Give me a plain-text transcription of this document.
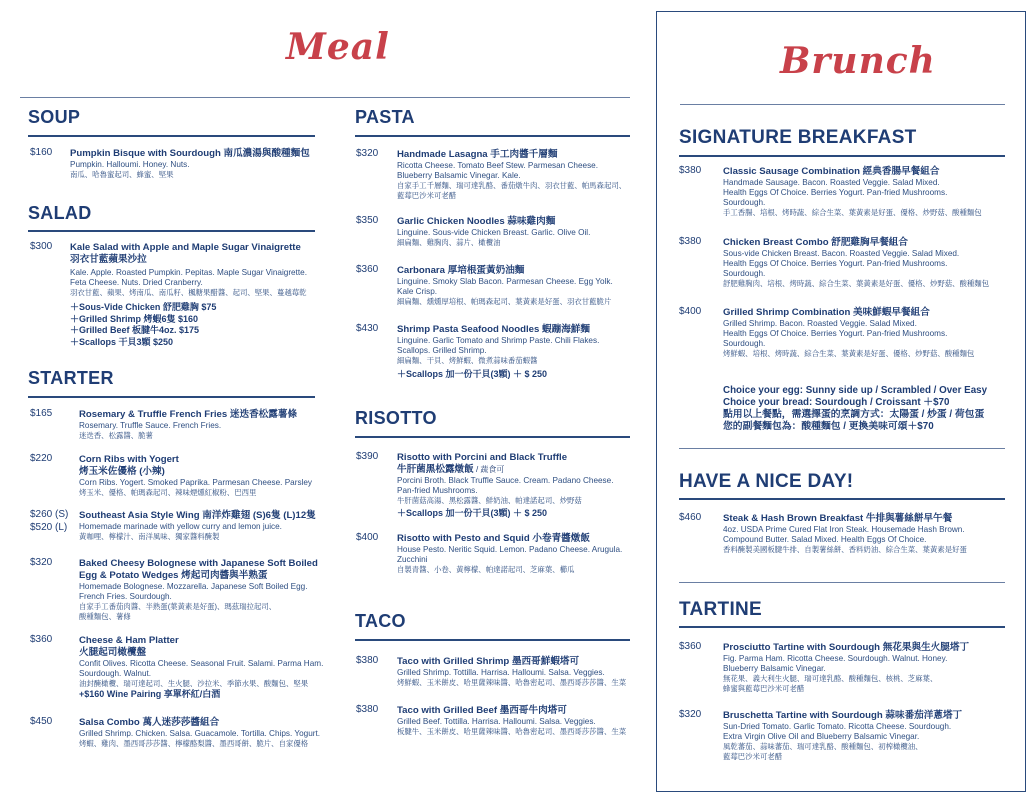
Meal	Brunch
SOUP
$160 Pumpkin Bisque with Sourdough 南瓜濃湯與酸種麵包
Pumpkin. Halloumi. Honey. Nuts.
南瓜、哈魯蜜起司、蜂蜜、堅果
SALAD
$300 Kale Salad with Apple and Maple Sugar Vinaigrette
羽衣甘藍蘋果沙拉
Kale. Apple. Roasted Pumpkin. Pepitas. Maple Sugar Vinaigrette.
Feta Cheese. Nuts. Dried Cranberry.
羽衣甘藍、蘋果、烤南瓜、南瓜籽、楓糖果醋醬、起司、堅果、蔓越莓乾
＋Sous-Vide Chicken 舒肥雞胸 $75
＋Grilled Shrimp 烤蝦6隻 $160
＋Grilled Beef 板腱牛4oz. $175
＋Scallops 干貝3顆 $250
STARTER
$165	Rosemary & Truffle French Fries 迷迭香松露薯條
Rosemary. Truffle Sauce. French Fries.
迷迭香、松露醬、脆薯
$220	Corn Ribs with Yogert
烤玉米佐優格 (小辣)
Corn Ribs. Yogert. Smoked Paprika. Parmesan Cheese. Parsley
烤玉米、優格、帕瑪森起司、辣味煙燻紅椒粉、巴西里
$260 (S)
$520 (L)
Southeast Asia Style Wing 南洋炸雞翅 (S)6隻 (L)12隻
Homemade marinade with yellow curry and lemon juice.
黃咖哩、檸檬汁、南洋風味、獨家醬料醃製
$320	Baked Cheesy Bolognese with Japanese Soft Boiled
Egg & Potato Wedges 烤起司肉醬與半熟蛋
Homemade Bolognese. Mozzarella. Japanese Soft Boiled Egg.
French Fries. Sourdough.
自家手工番茄肉醬、半熟蛋(葉黃素是好蛋)、瑪茲瑞拉起司、
酸種麵包、薯條
$360	Cheese & Ham Platter
火腿起司橄欖盤
Confit Olives. Ricotta Cheese. Seasonal Fruit. Salami. Parma Ham.
Sourdough. Walnut.
油封醃橄欖、瑞可達起司、生火腿、沙拉米、季節水果、酸麵包、堅果
+$160 Wine Pairing 享單杯紅/白酒
$450	Salsa Combo 萬人迷莎莎醬組合
Grilled Shrimp. Chicken. Salsa. Guacamole. Tortilla. Chips. Yogurt.
烤蝦、雞肉、墨西哥莎莎醬、檸檬酪梨醬、墨西哥餅、脆片、自家優格
PASTA
$320 Handmade Lasagna 手工肉醬千層麵
Ricotta Cheese. Tomato Beef Stew. Parmesan Cheese.
Blueberry Balsamic Vinegar. Kale.
自家手工千層麵、瑞可達乳酪、番茄燉牛肉、羽衣甘藍、帕馬森起司、
藍莓巴沙米可老醋
$350 Garlic Chicken Noodles 蒜味雞肉麵
Linguine. Sous-vide Chicken Breast. Garlic. Olive Oil.
細扁麵、雞胸肉、蒜片、橄欖油
$360 Carbonara 厚培根蛋黃奶油麵
Linguine. Smoky Slab Bacon. Parmesan Cheese. Egg Yolk.
Kale Crisp.
細扁麵、燻燻厚培根、帕瑪森起司、葉黃素是好蛋、羽衣甘藍脆片
$430 Shrimp Pasta Seafood Noodles 蝦蹦海鮮麵
Linguine. Garlic Tomato and Shrimp Paste. Chili Flakes.
Scallops. Grilled Shrimp.
細扁麵、干貝、烤鮮蝦、微煮蒜味番茄蝦醬
＋Scallops 加一份干貝(3顆) ＋ $ 250
RISOTTO
$390 Risotto with Porcini and Black Truffle
牛肝菌黑松露燉飯 / 蔬食可
Porcini Broth. Black Truffle Sauce. Cream. Padano Cheese.
Pan-fried Mushrooms.
牛肝菌菇高湯、黑松露醬、鮮奶油、帕達諾起司、炒野菇
＋Scallops 加一份干貝(3顆) ＋ $ 250
$400 Risotto with Pesto and Squid 小卷青醬燉飯
House Pesto. Neritic Squid. Lemon. Padano Cheese. Arugula.
Zucchini
自製青醬、小卷、黃檸檬、帕達諾起司、芝麻葉、櫛瓜
TACO
$380 Taco with Grilled Shrimp 墨西哥鮮蝦塔可
Grilled Shrimp. Tottilla. Harrisa. Halloumi. Salsa. Veggies.
烤鮮蝦、玉米餅皮、哈里薩辣味醬、哈魯密起司、墨西哥莎莎醬、生菜
$380 Taco with Grilled Beef 墨西哥牛肉塔可
Grilled Beef. Tottilla. Harrisa. Halloumi. Salsa. Veggies.
板腱牛、玉米餅皮、哈里薩辣味醬、哈魯密起司、墨西哥莎莎醬、生菜
SIGNATURE BREAKFAST
$380 Classic Sausage Combination 經典香腸早餐組合
Handmade Sausage. Bacon. Roasted Veggie. Salad Mixed.
Health Eggs Of Choice. Berries Yogurt. Pan-fried Mushrooms.
Sourdough.
手工香腸、培根、烤時蔬、綜合生菜、葉黃素是好蛋、優格、炒野菇、酸種麵包
$380 Chicken Breast Combo 舒肥雞胸早餐組合
Sous-vide Chicken Breast. Bacon. Roasted Veggie. Salad Mixed.
Health Eggs Of Choice. Berries Yogurt. Pan-fried Mushrooms.
Sourdough.
舒肥雞胸肉、培根、烤時蔬、綜合生菜、葉黃素是好蛋、優格、炒野菇、酸種麵包
$400 Grilled Shrimp Combination 美味鮮蝦早餐組合
Grilled Shrimp. Bacon. Roasted Veggie. Salad Mixed.
Health Eggs Of Choice. Berries Yogurt. Pan-fried Mushrooms.
Sourdough.
烤鮮蝦、培根、烤時蔬、綜合生菜、葉黃素是好蛋、優格、炒野菇、酸種麵包
Choice your egg: Sunny side up / Scrambled / Over Easy
Choice your bread: Sourdough / Croissant ＋$70
點用以上餐點，需選擇蛋的烹調方式：太陽蛋 / 炒蛋 / 荷包蛋
您的副餐麵包為：酸種麵包 / 更換美味可頌＋$70
HAVE A NICE DAY!
$460 Steak & Hash Brown Breakfast 牛排與薯絲餅早午餐
4oz. USDA Prime Cured Flat Iron Steak. Housemade Hash Brown.
Compound Butter. Salad Mixed. Health Eggs Of Choice.
香料醃製美國板腱牛排、自製薯絲餅、香料奶油、綜合生菜、葉黃素是好蛋
TARTINE
$360 Prosciutto Tartine with Sourdough 無花果與生火腿塔丁
Fig. Parma Ham. Ricotta Cheese. Sourdough. Walnut. Honey.
Blueberry Balsamic Vinegar.
無花果、義大利生火腿、瑞可達乳酪、酸種麵包、核桃、芝麻葉、
蜂蜜與藍莓巴沙米可老醋
$320 Bruschetta Tartine with Sourdough 蒜味番茄洋蔥塔丁
Sun-Dried Tomato. Garlic Tomato. Ricotta Cheese. Sourdough.
Extra Virgin Olive Oil and Blueberry Balsamic Vinegar.
風乾蕃茄、蒜味蕃茄、瑞可達乳酪、酸種麵包、初榨橄欖油、
藍莓巴沙米可老醋
